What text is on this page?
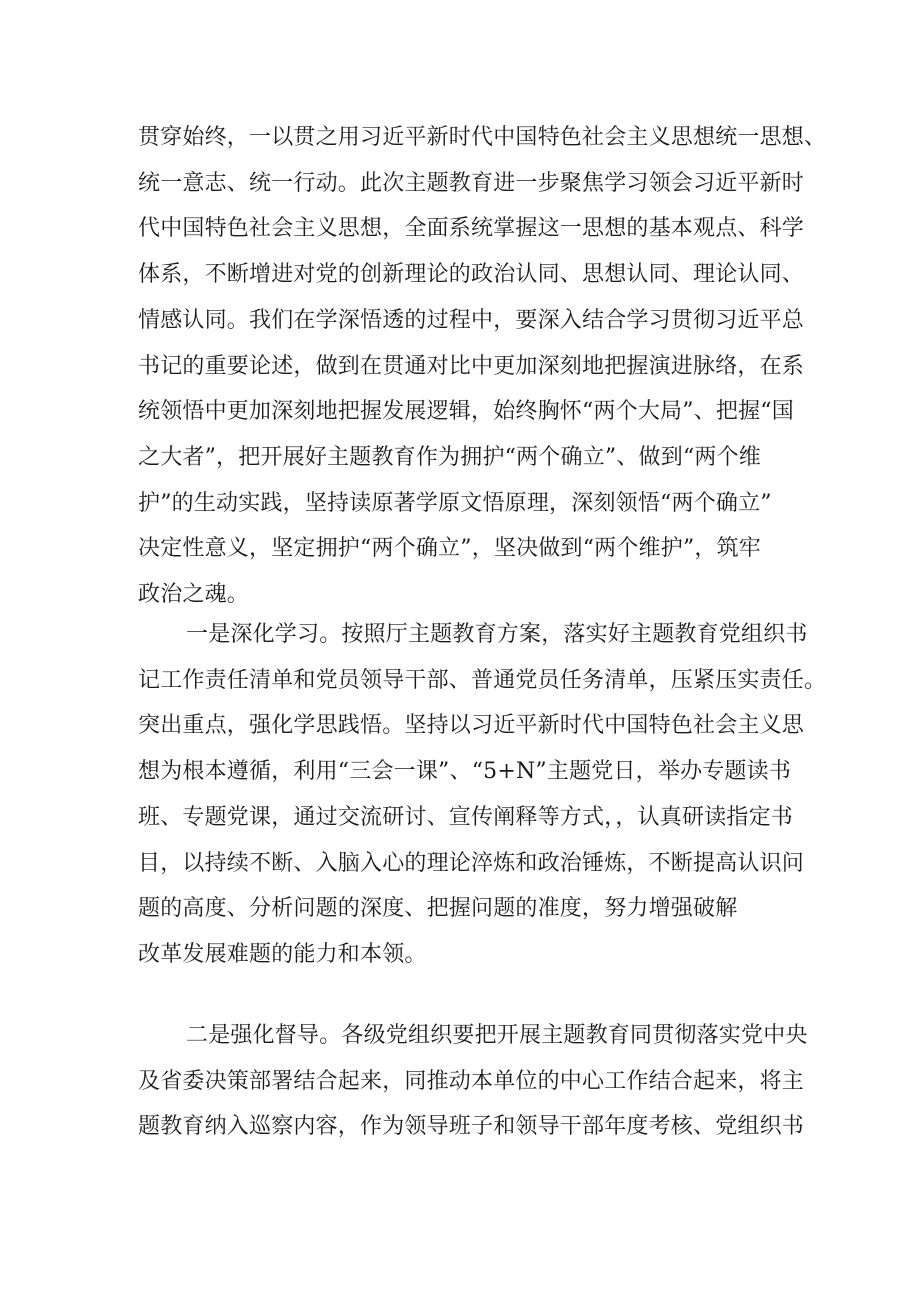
贯穿始终，一以贯之用习近平新时代中国特色社会主义思想统一思想、
统一意志、统一行动。此次主题教育进一步聚焦学习领会习近平新时
代中国特色社会主义思想，全面系统掌握这一思想的基本观点、科学
体系，不断增进对党的创新理论的政治认同、思想认同、理论认同、
情感认同。我们在学深悟透的过程中，要深入结合学习贯彻习近平总
书记的重要论述，做到在贯通对比中更加深刻地把握演进脉络，在系
统领悟中更加深刻地把握发展逻辑，始终胸怀“两个大局”、把握“国
之大者”，把开展好主题教育作为拥护“两个确立”、做到“两个维
护”的生动实践，坚持读原著学原文悟原理，深刻领悟“两个确立”
决定性意义，坚定拥护“两个确立”，坚决做到“两个维护”，筑牢
政治之魂。
一是深化学习。按照厅主题教育方案，落实好主题教育党组织书
记工作责任清单和党员领导干部、普通党员任务清单，压紧压实责任。
突出重点，强化学思践悟。坚持以习近平新时代中国特色社会主义思
想为根本遵循，利用“三会一课”、“5+N”主题党日，举办专题读书
班、专题党课，通过交流研讨、宣传阐释等方式，，认真研读指定书
目，以持续不断、入脑入心的理论淬炼和政治锤炼，不断提高认识问
题的高度、分析问题的深度、把握问题的准度，努力增强破解
改革发展难题的能力和本领。
二是强化督导。各级党组织要把开展主题教育同贯彻落实党中央
及省委决策部署结合起来，同推动本单位的中心工作结合起来，将主
题教育纳入巡察内容，作为领导班子和领导干部年度考核、党组织书
